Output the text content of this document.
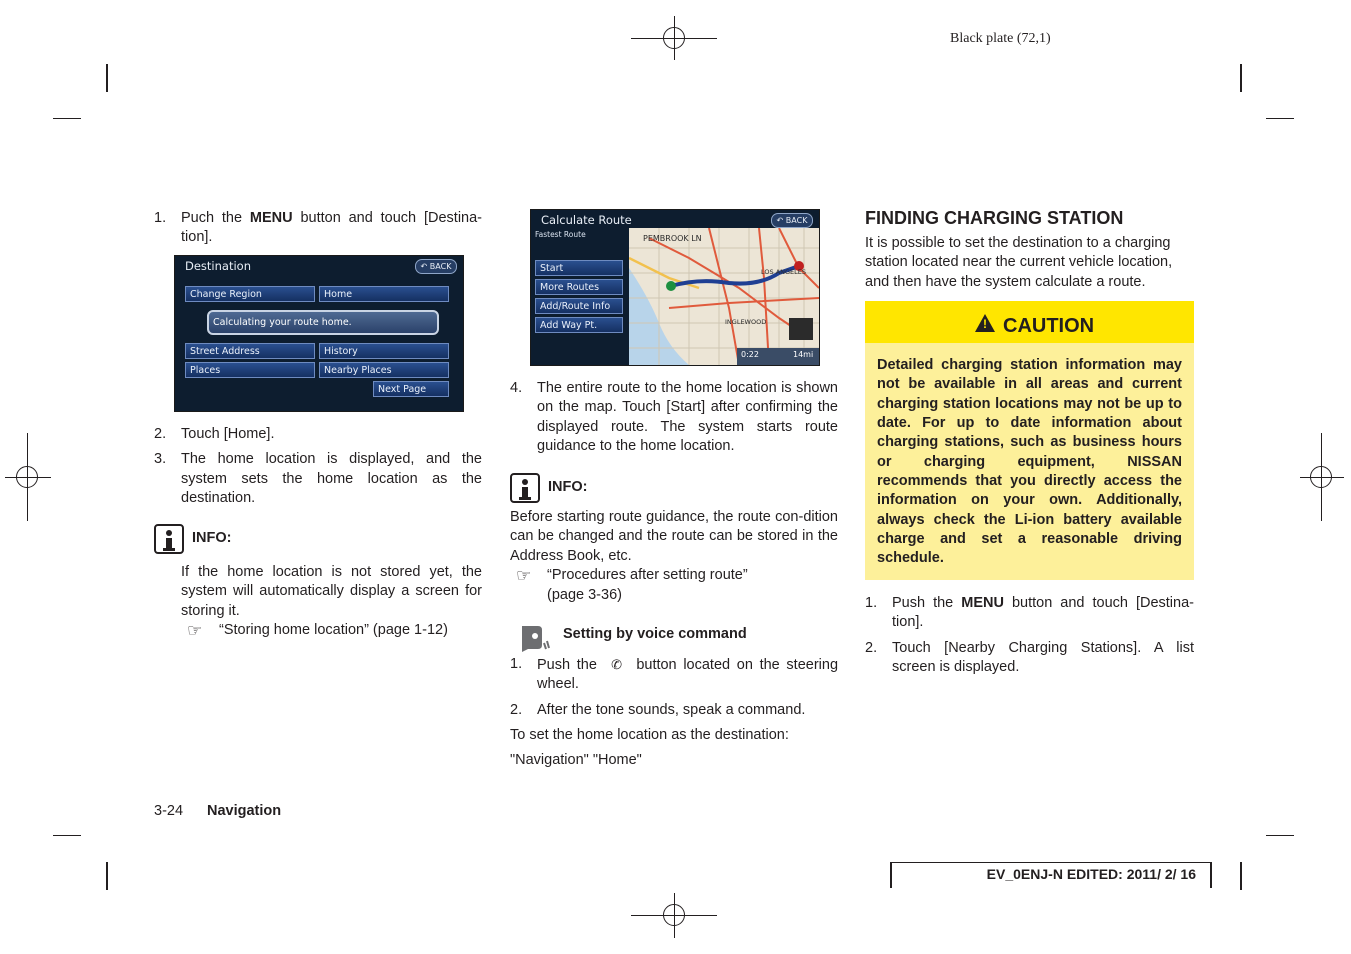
Black plate (72,1)

1. Puch the MENU button and touch [Destina-tion].

Destination	↶ BACK
Change Region	Home
Street Address	History
Places	Nearby Places
Next Page
Calculating your route home.

2. Touch [Home].

3. The home location is displayed, and the system sets the home location as the destination.

INFO:

If the home location is not stored yet, the system will automatically display a screen for storing it.

☞ “Storing home location” (page 1-12)
Calculate Route	↶ BACK
Fastest Route
Start
More Routes
Add/Route Info
Add Way Pt.
PEMBROOK LN
LOS ANGELES
INGLEWOOD
0:22	14mi

4. The entire route to the home location is shown on the map. Touch [Start] after confirming the displayed route. The system starts route guidance to the home location.

INFO:

Before starting route guidance, the route con-dition can be changed and the route can be stored in the Address Book, etc.

☞ “Procedures after setting route”
(page 3-36)
Setting by voice command

1. Push the ✆ button located on the steering wheel.

2. After the tone sounds, speak a command.

To set the home location as the destination:

"Navigation" "Home"

FINDING CHARGING STATION

It is possible to set the destination to a charging station located near the current vehicle location, and then have the system calculate a route.

!
CAUTION
Detailed charging station information may not be available in all areas and current charging station locations may not be up to date. For up to date information about charging stations, such as business hours or charging equipment, NISSAN recommends that you directly access the information on your own. Additionally, always check the Li-ion battery available charge and set a reasonable driving schedule.

1. Push the MENU button and touch [Destina-tion].

2. Touch [Nearby Charging Stations]. A list screen is displayed.

3-24 Navigation
EV_0ENJ-N EDITED: 2011/ 2/ 16
